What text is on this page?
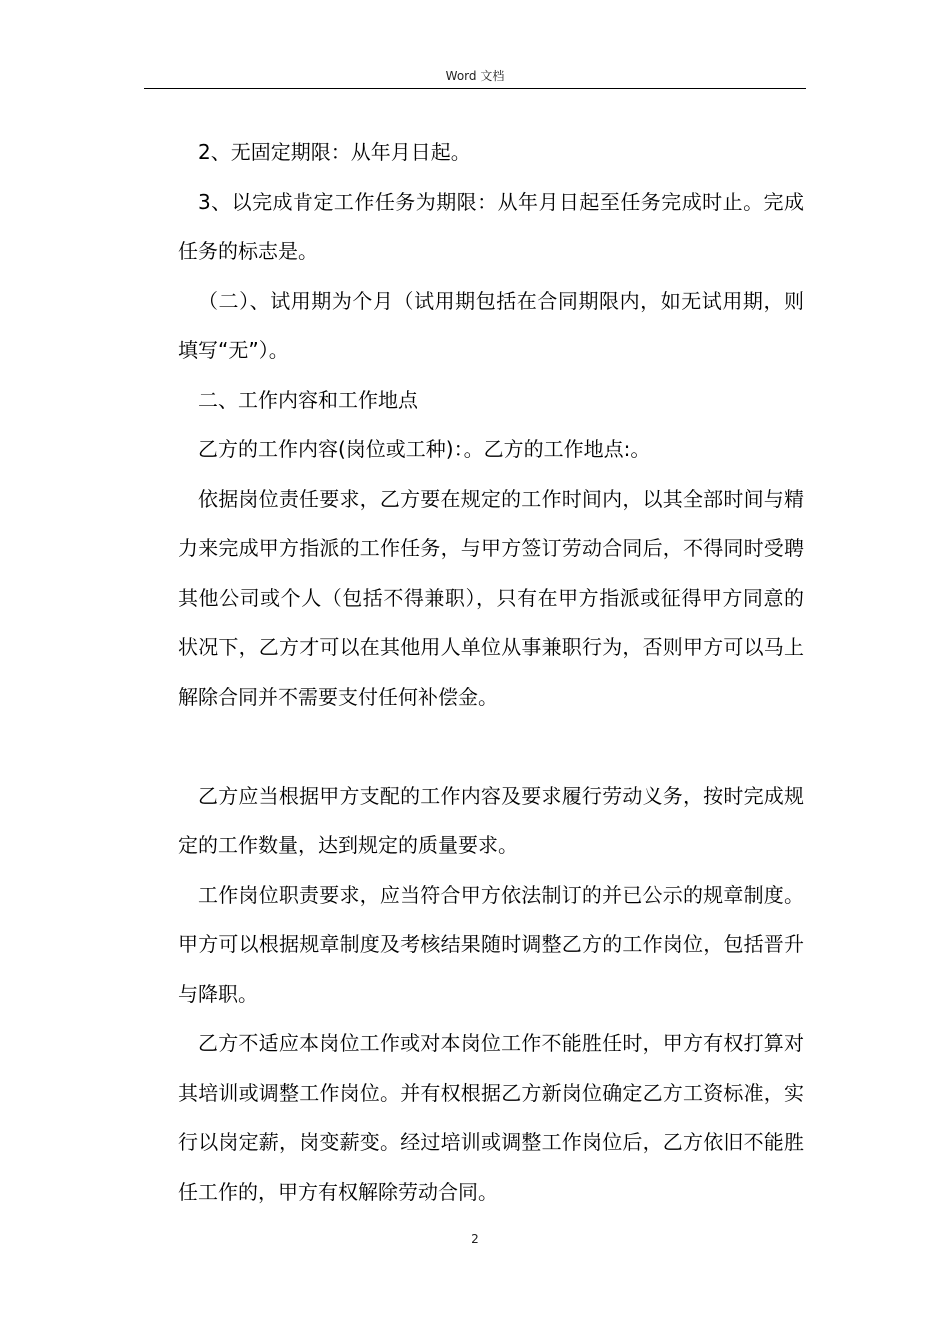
Word 文档

2、无固定期限：从年月日起。

3、以完成肯定工作任务为期限：从年月日起至任务完成时止。完成任务的标志是。

（二）、试用期为个月（试用期包括在合同期限内，如无试用期，则填写“无”）。

二、工作内容和工作地点

乙方的工作内容(岗位或工种)：。乙方的工作地点:。

依据岗位责任要求，乙方要在规定的工作时间内，以其全部时间与精力来完成甲方指派的工作任务，与甲方签订劳动合同后，不得同时受聘其他公司或个人（包括不得兼职），只有在甲方指派或征得甲方同意的状况下，乙方才可以在其他用人单位从事兼职行为，否则甲方可以马上解除合同并不需要支付任何补偿金。

乙方应当根据甲方支配的工作内容及要求履行劳动义务，按时完成规定的工作数量，达到规定的质量要求。

工作岗位职责要求，应当符合甲方依法制订的并已公示的规章制度。甲方可以根据规章制度及考核结果随时调整乙方的工作岗位，包括晋升与降职。

乙方不适应本岗位工作或对本岗位工作不能胜任时，甲方有权打算对其培训或调整工作岗位。并有权根据乙方新岗位确定乙方工资标准，实行以岗定薪，岗变薪变。经过培训或调整工作岗位后，乙方依旧不能胜任工作的，甲方有权解除劳动合同。

2
